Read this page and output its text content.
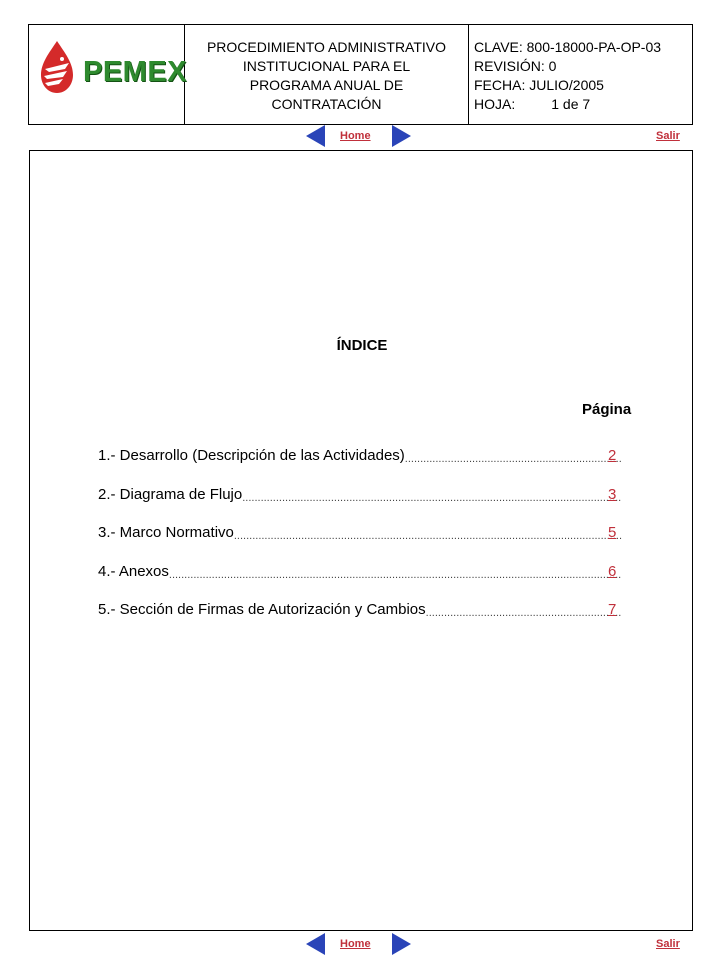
PEMEX
PROCEDIMIENTO ADMINISTRATIVO
INSTITUCIONAL PARA EL
PROGRAMA ANUAL DE
CONTRATACIÓN
CLAVE: 800-18000-PA-OP-03
REVISIÓN: 0
FECHA: JULIO/2005
HOJA:	1 de 7
Home	Salir
ÍNDICE
Página
1.- Desarrollo (Descripción de las Actividades) .....	2
2.- Diagrama de Flujo .....	3
3.- Marco Normativo .....	5
4.- Anexos .....	6
5.- Sección de Firmas de Autorización y Cambios .....	7
Home	Salir
